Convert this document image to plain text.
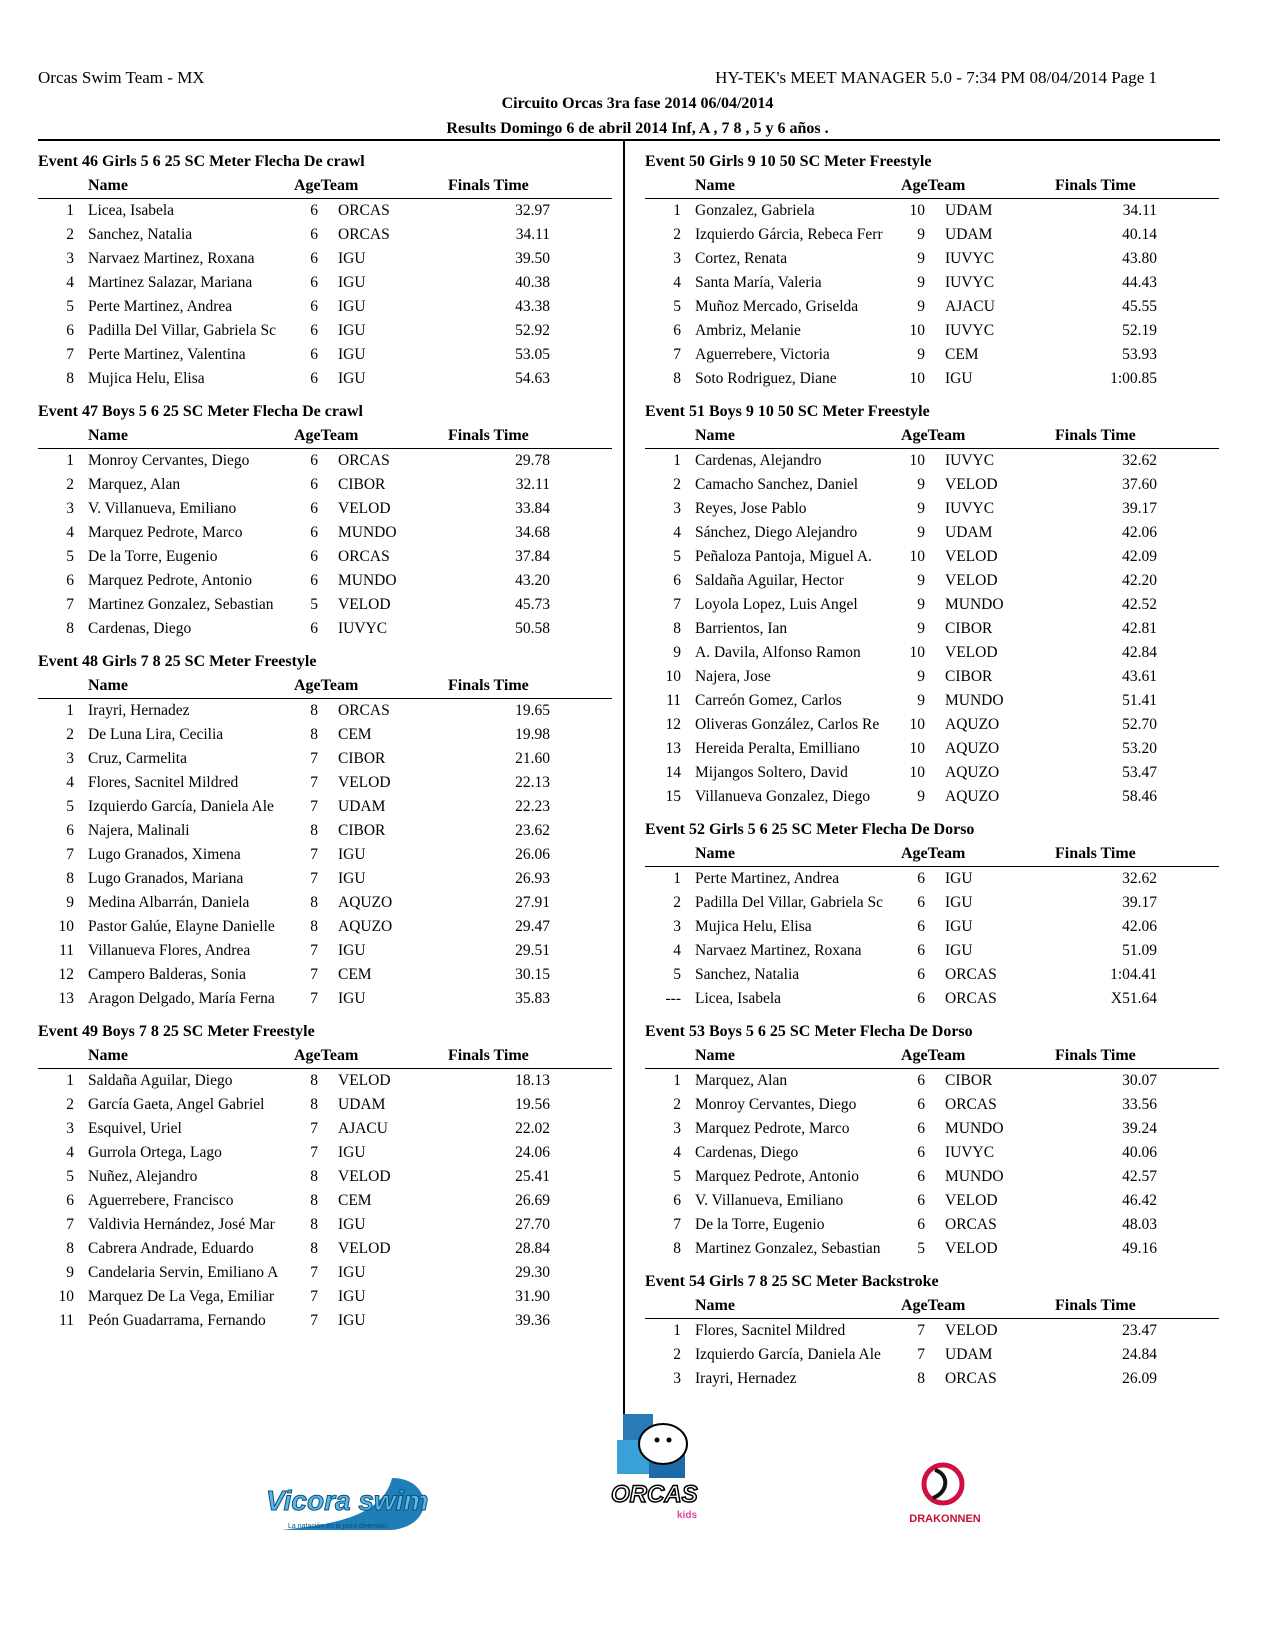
Orcas Swim Team - MX	HY-TEK's MEET MANAGER 5.0 - 7:34 PM 08/04/2014 Page 1
Circuito Orcas 3ra fase 2014 06/04/2014
Results Domingo 6 de abril 2014 Inf, A , 7 8 , 5 y 6 años .
Event 46 Girls 5 6 25 SC Meter Flecha De crawl
Name	AgeTeam	Finals Time
1 Licea, Isabela	6 ORCAS	32.97
2 Sanchez, Natalia	6 ORCAS	34.11
3 Narvaez Martinez, Roxana	6 IGU	39.50
4 Martinez Salazar, Mariana	6 IGU	40.38
5 Perte Martinez, Andrea	6 IGU	43.38
6 Padilla Del Villar, Gabriela Sc	6 IGU	52.92
7 Perte Martinez, Valentina	6 IGU	53.05
8 Mujica Helu, Elisa	6 IGU	54.63
Event 47 Boys 5 6 25 SC Meter Flecha De crawl
Name	AgeTeam	Finals Time
1 Monroy Cervantes, Diego	6 ORCAS	29.78
2 Marquez, Alan	6 CIBOR	32.11
3 V. Villanueva, Emiliano	6 VELOD	33.84
4 Marquez Pedrote, Marco	6 MUNDO	34.68
5 De la Torre, Eugenio	6 ORCAS	37.84
6 Marquez Pedrote, Antonio	6 MUNDO	43.20
7 Martinez Gonzalez, Sebastian	5 VELOD	45.73
8 Cardenas, Diego	6 IUVYC	50.58
Event 48 Girls 7 8 25 SC Meter Freestyle
Name	AgeTeam	Finals Time
1 Irayri, Hernadez	8 ORCAS	19.65
2 De Luna Lira, Cecilia	8 CEM	19.98
3 Cruz, Carmelita	7 CIBOR	21.60
4 Flores, Sacnitel Mildred	7 VELOD	22.13
5 Izquierdo García, Daniela Ale	7 UDAM	22.23
6 Najera, Malinali	8 CIBOR	23.62
7 Lugo Granados, Ximena	7 IGU	26.06
8 Lugo Granados, Mariana	7 IGU	26.93
9 Medina Albarrán, Daniela	8 AQUZO	27.91
10 Pastor Galúe, Elayne Danielle	8 AQUZO	29.47
11 Villanueva Flores, Andrea	7 IGU	29.51
12 Campero Balderas, Sonia	7 CEM	30.15
13 Aragon Delgado, María Ferna	7 IGU	35.83
Event 49 Boys 7 8 25 SC Meter Freestyle
Name	AgeTeam	Finals Time
1 Saldaña Aguilar, Diego	8 VELOD	18.13
2 García Gaeta, Angel Gabriel	8 UDAM	19.56
3 Esquivel, Uriel	7 AJACU	22.02
4 Gurrola Ortega, Lago	7 IGU	24.06
5 Nuñez, Alejandro	8 VELOD	25.41
6 Aguerrebere, Francisco	8 CEM	26.69
7 Valdivia Hernández, José Mar	8 IGU	27.70
8 Cabrera Andrade, Eduardo	8 VELOD	28.84
9 Candelaria Servin, Emiliano A	7 IGU	29.30
10 Marquez De La Vega, Emiliar	7 IGU	31.90
11 Peón Guadarrama, Fernando	7 IGU	39.36
Event 50 Girls 9 10 50 SC Meter Freestyle
Name	AgeTeam	Finals Time
1 Gonzalez, Gabriela	10 UDAM	34.11
2 Izquierdo Gárcia, Rebeca Ferr	9 UDAM	40.14
3 Cortez, Renata	9 IUVYC	43.80
4 Santa María, Valeria	9 IUVYC	44.43
5 Muñoz Mercado, Griselda	9 AJACU	45.55
6 Ambriz, Melanie	10 IUVYC	52.19
7 Aguerrebere, Victoria	9 CEM	53.93
8 Soto Rodriguez, Diane	10 IGU	1:00.85
Event 51 Boys 9 10 50 SC Meter Freestyle
Name	AgeTeam	Finals Time
1 Cardenas, Alejandro	10 IUVYC	32.62
2 Camacho Sanchez, Daniel	9 VELOD	37.60
3 Reyes, Jose Pablo	9 IUVYC	39.17
4 Sánchez, Diego Alejandro	9 UDAM	42.06
5 Peñaloza Pantoja, Miguel A.	10 VELOD	42.09
6 Saldaña Aguilar, Hector	9 VELOD	42.20
7 Loyola Lopez, Luis Angel	9 MUNDO	42.52
8 Barrientos, Ian	9 CIBOR	42.81
9 A. Davila, Alfonso Ramon	10 VELOD	42.84
10 Najera, Jose	9 CIBOR	43.61
11 Carreón Gomez, Carlos	9 MUNDO	51.41
12 Oliveras González, Carlos Re	10 AQUZO	52.70
13 Hereida Peralta, Emilliano	10 AQUZO	53.20
14 Mijangos Soltero, David	10 AQUZO	53.47
15 Villanueva Gonzalez, Diego	9 AQUZO	58.46
Event 52 Girls 5 6 25 SC Meter Flecha De Dorso
Name	AgeTeam	Finals Time
1 Perte Martinez, Andrea	6 IGU	32.62
2 Padilla Del Villar, Gabriela Sc	6 IGU	39.17
3 Mujica Helu, Elisa	6 IGU	42.06
4 Narvaez Martinez, Roxana	6 IGU	51.09
5 Sanchez, Natalia	6 ORCAS	1:04.41
--- Licea, Isabela	6 ORCAS	X51.64
Event 53 Boys 5 6 25 SC Meter Flecha De Dorso
Name	AgeTeam	Finals Time
1 Marquez, Alan	6 CIBOR	30.07
2 Monroy Cervantes, Diego	6 ORCAS	33.56
3 Marquez Pedrote, Marco	6 MUNDO	39.24
4 Cardenas, Diego	6 IUVYC	40.06
5 Marquez Pedrote, Antonio	6 MUNDO	42.57
6 V. Villanueva, Emiliano	6 VELOD	46.42
7 De la Torre, Eugenio	6 ORCAS	48.03
8 Martinez Gonzalez, Sebastian	5 VELOD	49.16
Event 54 Girls 7 8 25 SC Meter Backstroke
Name	AgeTeam	Finals Time
1 Flores, Sacnitel Mildred	7 VELOD	23.47
2 Izquierdo García, Daniela Ale	7 UDAM	24.84
3 Irayri, Hernadez	8 ORCAS	26.09
Vicora swim
La natación es la pura diversión
ORCAS
kids	DRAKONNEN
